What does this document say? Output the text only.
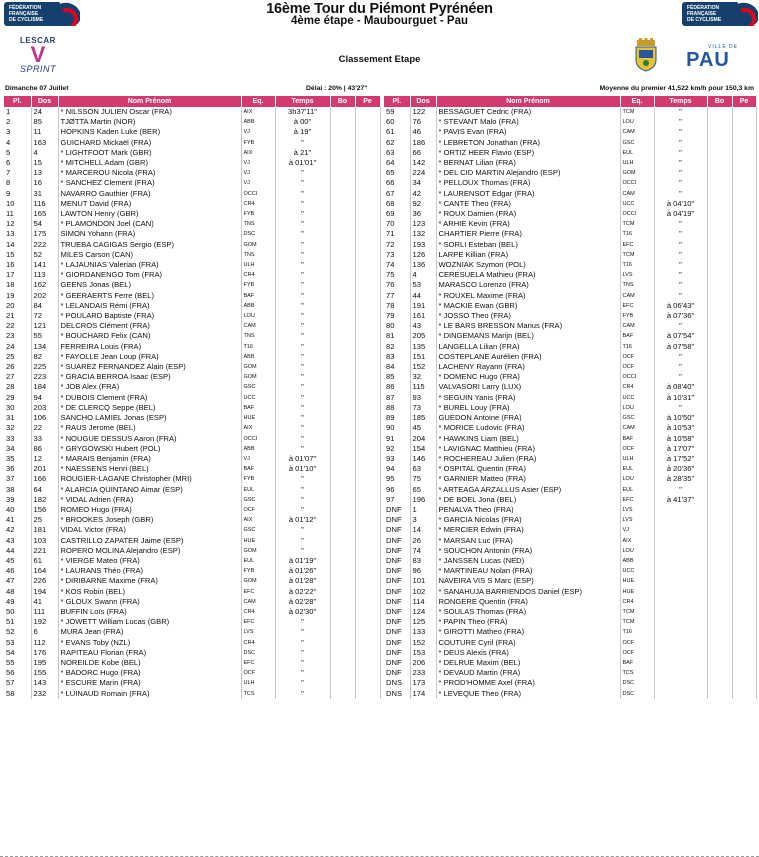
FÉDÉRATION
FRANÇAISE
DE CYCLISME
16ème Tour du Piémont Pyrénéen
4ème étape - Maubourguet - Pau
FÉDÉRATION
FRANÇAISE
DE CYCLISME
LESCAR
V
SPRINT
Classement Etape
VILLE DE
PAU
Dimanche 07 Juillet	Délai : 20% | 43'27"	Moyenne du premier 41,522 km/h pour 150,3 km
Pl.	Dos	Nom Prénom	Eq.	Temps	Bo	Pe
1	24	* NILSSON JULIEN Oscar (FRA)	AIX	3h37'11"		
2	85	TJØTTA Martin (NOR)	ABB	à 00"		
3	11	HOPKINS Kaden Luke (BER)	VJ	à 19"		
4	163	GUICHARD Mickaël (FRA)	FYB	"		
5	4	* LIGHTFOOT Mark (GBR)	AIX	à 21"		
6	15	* MITCHELL Adam (GBR)	VJ	à 01'01"		
7	13	* MARCEROU Nicola (FRA)	VJ	"		
8	16	* SANCHEZ Clement (FRA)	VJ	"		
9	31	NAVARRO Gauthier (FRA)	OCCI	"		
10	116	MENUT David (FRA)	CR4	"		
11	165	LAWTON Henry (GBR)	FYB	"		
12	54	* PLAMONDON Joel (CAN)	TNS	"		
13	175	SIMON Yohann (FRA)	DSC	"		
14	222	TRUEBA CAGIGAS Sergio (ESP)	GOM	"		
15	52	MILES Carson (CAN)	TNS	"		
16	141	* LAJAUNIAS Valerian (FRA)	ULH	"		
17	113	* GIORDANENGO Tom (FRA)	CR4	"		
18	162	GEENS Jonas (BEL)	FYB	"		
19	202	* GEERAERTS Ferre (BEL)	BAF	"		
20	84	* LELANDAIS Rémi (FRA)	ABB	"		
21	72	* POULARD Baptiste (FRA)	LOU	"		
22	121	DELCROS Clément (FRA)	CAM	"		
23	55	* BOUCHARD Felix (CAN)	TNS	"		
24	134	FERREIRA Louis (FRA)	T16	"		
25	82	* FAYOLLE Jean Loup (FRA)	ABB	"		
26	225	* SUAREZ FERNANDEZ Alain (ESP)	GOM	"		
27	223	* GRACIA BERROA Isaac (ESP)	GOM	"		
28	184	* JOB Alex (FRA)	GSC	"		
29	94	* DUBOIS Clement (FRA)	UCC	"		
30	203	* DE CLERCQ Seppe (BEL)	BAF	"		
31	106	SANCHO LAMIEL Jonas (ESP)	HUE	"		
32	22	* RAUS Jerome (BEL)	AIX	"		
33	33	* NOUGUE DESSUS Aaron (FRA)	OCCI	"		
34	86	* GRYGOWSKI Hubert (POL)	ABB	"		
35	12	* MARAIS Benjamin (FRA)	VJ	à 01'07"		
36	201	* NAESSENS Henri (BEL)	BAF	à 01'10"		
37	166	ROUGIER-LAGANE Christopher (MRI)	FYB	"		
38	64	* ALARCIA QUINTANO Aimar (ESP)	EUL	"		
39	182	* VIDAL Adrien (FRA)	GSC	"		
40	156	ROMEO Hugo (FRA)	OCF	"		
41	25	* BROOKES Joseph (GBR)	AIX	à 01'12"		
42	181	VIDAL Victor (FRA)	GSC	"		
43	103	CASTRILLO ZAPATER Jaime (ESP)	HUE	"		
44	221	ROPERO MOLINA Alejandro (ESP)	GOM	"		
45	61	* VIERGE Mateo (FRA)	EUL	à 01'19"		
46	164	* LAURANS Théo (FRA)	FYB	à 01'26"		
47	226	* DIRIBARNE Maxime (FRA)	GOM	à 01'28"		
48	194	* KOS Robin (BEL)	EFC	à 02'22"		
49	41	* GLOUX Swann (FRA)	CAM	à 02'28"		
50	111	BUFFIN Loïs (FRA)	CR4	à 02'30"		
51	192	* JOWETT William Lucas (GBR)	EFC	"		
52	6	MURA Jean (FRA)	LVS	"		
53	112	* EVANS Toby (NZL)	CR4	"		
54	176	RAPITEAU Florian (FRA)	DSC	"		
55	195	NOREILDE Kobe (BEL)	EFC	"		
56	155	* BADORC Hugo (FRA)	OCF	"		
57	143	* ESCURE Marin (FRA)	ULH	"		
58	232	* LUINAUD Romain (FRA)	TCS	"		
Pl.	Dos	Nom Prénom	Eq.	Temps	Bo	Pe
59	122	BESSAGUET Cedric (FRA)	TCM	"		
60	76	* STEVANT Malo (FRA)	LOU	"		
61	46	* PAVIS Evan (FRA)	CAM	"		
62	186	* LEBRETON Jonathan (FRA)	GSC	"		
63	66	* ORTIZ HEER Flavio (ESP)	EUL	"		
64	142	* BERNAT Lilian (FRA)	ULH	"		
65	224	* DEL CID MARTIN Alejandro (ESP)	GOM	"		
66	34	* PELLOUX Thomas (FRA)	OCCI	"		
67	42	* LAURENSOT Edgar (FRA)	CAM	"		
68	92	* CANTE Theo (FRA)	UCC	à 04'10"		
69	36	* ROUX Damien (FRA)	OCCI	à 04'19"		
70	123	* ARHIE Kevin (FRA)	TCM	"		
71	132	CHARTIER Pierre (FRA)	T16	"		
72	193	* SORLI Esteban (BEL)	EFC	"		
73	126	LARPE Killian (FRA)	TCM	"		
74	136	WOZNIAK Szymon (POL)	T16	"		
75	4	CERESUELA Mathieu (FRA)	LVS	"		
76	53	MARASCO Lorenzo (FRA)	TNS	"		
77	44	* ROUXEL Maxime (FRA)	CAM	"		
78	191	* MACKIE Ewan (GBR)	EFC	à 06'43"		
79	161	* JOSSO Theo (FRA)	FYB	à 07'36"		
80	43	* LE BARS BRESSON Marius (FRA)	CAM	"		
81	205	* DINGEMANS Marijn (BEL)	BAF	à 07'54"		
82	135	LANGELLA Lilian (FRA)	T16	à 07'58"		
83	151	COSTEPLANE Aurélien (FRA)	OCF	"		
84	152	LACHENY Rayann (FRA)	OCF	"		
85	32	* DOMENC Hugo (FRA)	OCCI	"		
86	115	VALVASORI Larry (LUX)	CR4	à 08'40"		
87	93	* SEGUIN Yanis (FRA)	UCC	à 10'31"		
88	73	* BUREL Louy (FRA)	LOU	"		
89	185	GUEDON Antoine (FRA)	GSC	à 10'50"		
90	45	* MORICE Ludovic (FRA)	CAM	à 10'53"		
91	204	* HAWKINS Liam (BEL)	BAF	à 10'58"		
92	154	* LAVIGNAC Matthieu (FRA)	OCF	à 17'07"		
93	146	* ROCHEREAU Julien (FRA)	ULH	à 17'52"		
94	63	* OSPITAL Quentin (FRA)	EUL	à 20'36"		
95	75	* GARNIER Matteo (FRA)	LOU	à 28'35"		
96	65	* ARTEAGA ARZALLUS Asier (ESP)	EUL	"		
97	196	* DE BOEL Jona (BEL)	EFC	à 41'37"		
DNF	1	PENALVA Theo (FRA)	LVS			
DNF	3	* GARCIA Nicolas (FRA)	LVS			
DNF	14	* MERCIER Edwin (FRA)	VJ			
DNF	26	* MARSAN Luc (FRA)	AIX			
DNF	74	* SOUCHON Antonin (FRA)	LOU			
DNF	83	* JANSSEN Lucas (NED)	ABB			
DNF	96	* MARTINEAU Nolan (FRA)	UCC			
DNF	101	NAVEIRA VIS S Marc (ESP)	HUE			
DNF	102	* SANAHUJA BARRIENDOS Daniel (ESP)	HUE			
DNF	114	RONGERE Quentin (FRA)	CR4			
DNF	124	* SOULAS Thomas (FRA)	TCM			
DNF	125	* PAPIN Theo (FRA)	TCM			
DNF	133	* GIROTTI Matheo (FRA)	T16			
DNF	152	COUTURE Cyril (FRA)	OCF			
DNF	153	* DEUS Alexis (FRA)	OCF			
DNF	206	* DELRUE Maxim (BEL)	BAF			
DNF	233	* DEVAUD Martin (FRA)	TCS			
DNS	173	* PROD'HOMME Axel (FRA)	DSC			
DNS	174	* LEVEQUE Theo (FRA)	DSC			
